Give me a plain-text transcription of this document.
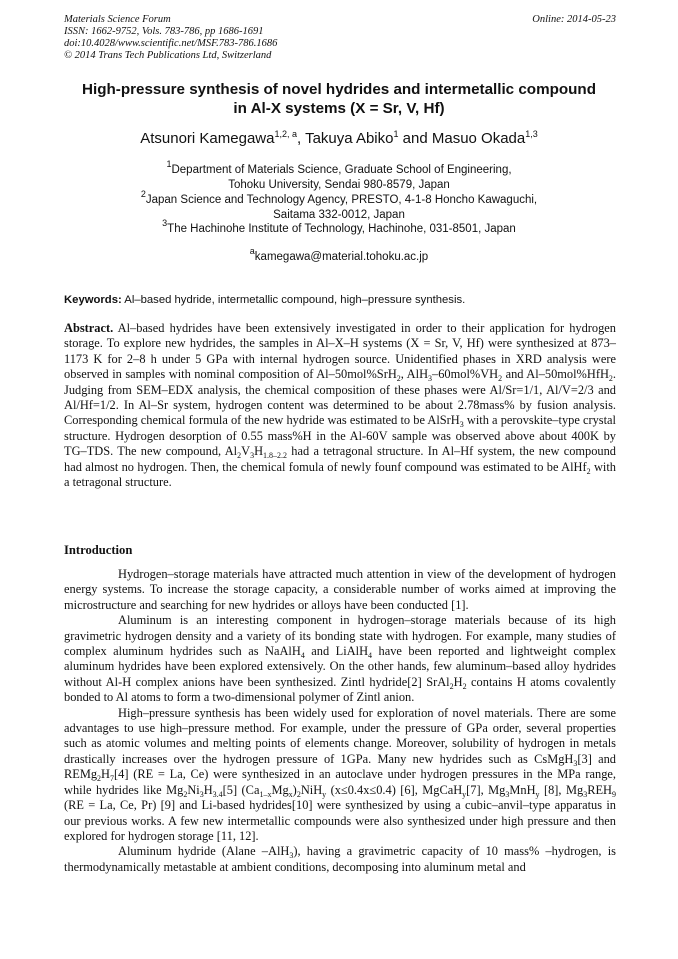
Materials Science Forum
ISSN: 1662-9752, Vols. 783-786, pp 1686-1691
doi:10.4028/www.scientific.net/MSF.783-786.1686
© 2014 Trans Tech Publications Ltd, Switzerland
Online: 2014-05-23
High-pressure synthesis of novel hydrides and intermetallic compound
in Al-X systems (X = Sr, V, Hf)
Atsunori Kamegawa$^{1,2, a}$, Takuya Abiko$^1$ and Masuo Okada$^{1,3}$
$^1$Department of Materials Science, Graduate School of Engineering,
Tohoku University, Sendai 980-8579, Japan
$^2$Japan Science and Technology Agency, PRESTO, 4-1-8 Honcho Kawaguchi,
Saitama 332-0012, Japan
$^3$The Hachinohe Institute of Technology, Hachinohe, 031-8501, Japan
$^a$kamegawa@material.tohoku.ac.jp
Keywords: Al–based hydride, intermetallic compound, high–pressure synthesis.

Abstract. Al–based hydrides have been extensively investigated in order to their application for hydrogen storage. To explore new hydrides, the samples in Al–X–H systems (X = Sr, V, Hf) were synthesized at 873–1173 K for 2–8 h under 5 GPa with internal hydrogen source. Unidentified phases in XRD analysis were observed in samples with nominal composition of Al–50mol%SrH$_2$, $AlH_3-60mol\%VH_2$ and Al–50mol%HfH$_2$. Judging from SEM–EDX analysis, the chemical composition of these phases were Al/Sr=1/1, Al/V=2/3 and Al/Hf=1/2. In Al–Sr system, hydrogen content was determined to be about 2.78mass% by fusion analysis. Corresponding chemical formula of the new hydride was estimated to be AlSrH$_3$ with a perovskite–type crystal structure. Hydrogen desorption of 0.55 mass%H in the Al-60V sample was observed above about 400K by TG–TDS. The new compound, $Al_2V_3H_{1.8-2.2}$ had a tetragonal structure. In Al–Hf system, the new compound had almost no hydrogen. Then, the chemical fomula of newly founf compound was estimated to be AlHf$_2$ with a tetragonal structure.

Introduction

Hydrogen–storage materials have attracted much attention in view of the development of hydrogen energy systems. To increase the storage capacity, a considerable number of works aimed at improving the microstructure and searching for new hydrides or alloys have been conducted [1].

Aluminum is an interesting component in hydrogen–storage materials because of its high gravimetric hydrogen density and a variety of its bonding state with hydrogen. For example, many studies of complex aluminum hydrides such as NaAlH$_4$ and LiAlH$_4$ have been reported and lightweight complex aluminum hydrides have been explored extensively. On the other hands, few aluminum–based alloy hydrides without Al-H complex anions have been synthesized. Zintl hydride[2] $SrAl_2H_2$ contains H atoms covalently bonded to Al atoms to form a two-dimensional polymer of Zintl anion.

High–pressure synthesis has been widely used for exploration of novel materials. There are some advantages to use high–pressure method. For example, under the pressure of GPa order, several properties such as atomic volumes and melting points of elements change. Moreover, solubility of hydrogen in metals drastically increases over the hydrogen pressure of 1GPa. Many new hydrides such as CsMgH$_3$[3] and $REMg_2H_7[4] (RE = La$, Ce) were synthesized in an autoclave under hydrogen pressures in the MPa range, while hydrides like $Mg_2Ni_3H_{3.4}[5]$ $(Ca_{1-x}Mg_x)_2NiH_y$ (x≤0.4x≤0.4) [6], MgCaH$_y$[7], $Mg_3MnH_y$ [8], $Mg_3REH_9$ (RE = La, Ce, Pr) [9] and Li-based hydrides[10] were synthesized by using a cubic–anvil–type apparatus in our previous works. A few new intermetallic compounds were also synthesized under high pressure and then explored for hydrogen storage [11, 12].

Aluminum hydride (Alane –AlH$_3$), having a gravimetric capacity of 10 mass% –hydrogen, is thermodynamically metastable at ambient conditions, decomposing into aluminum metal and
